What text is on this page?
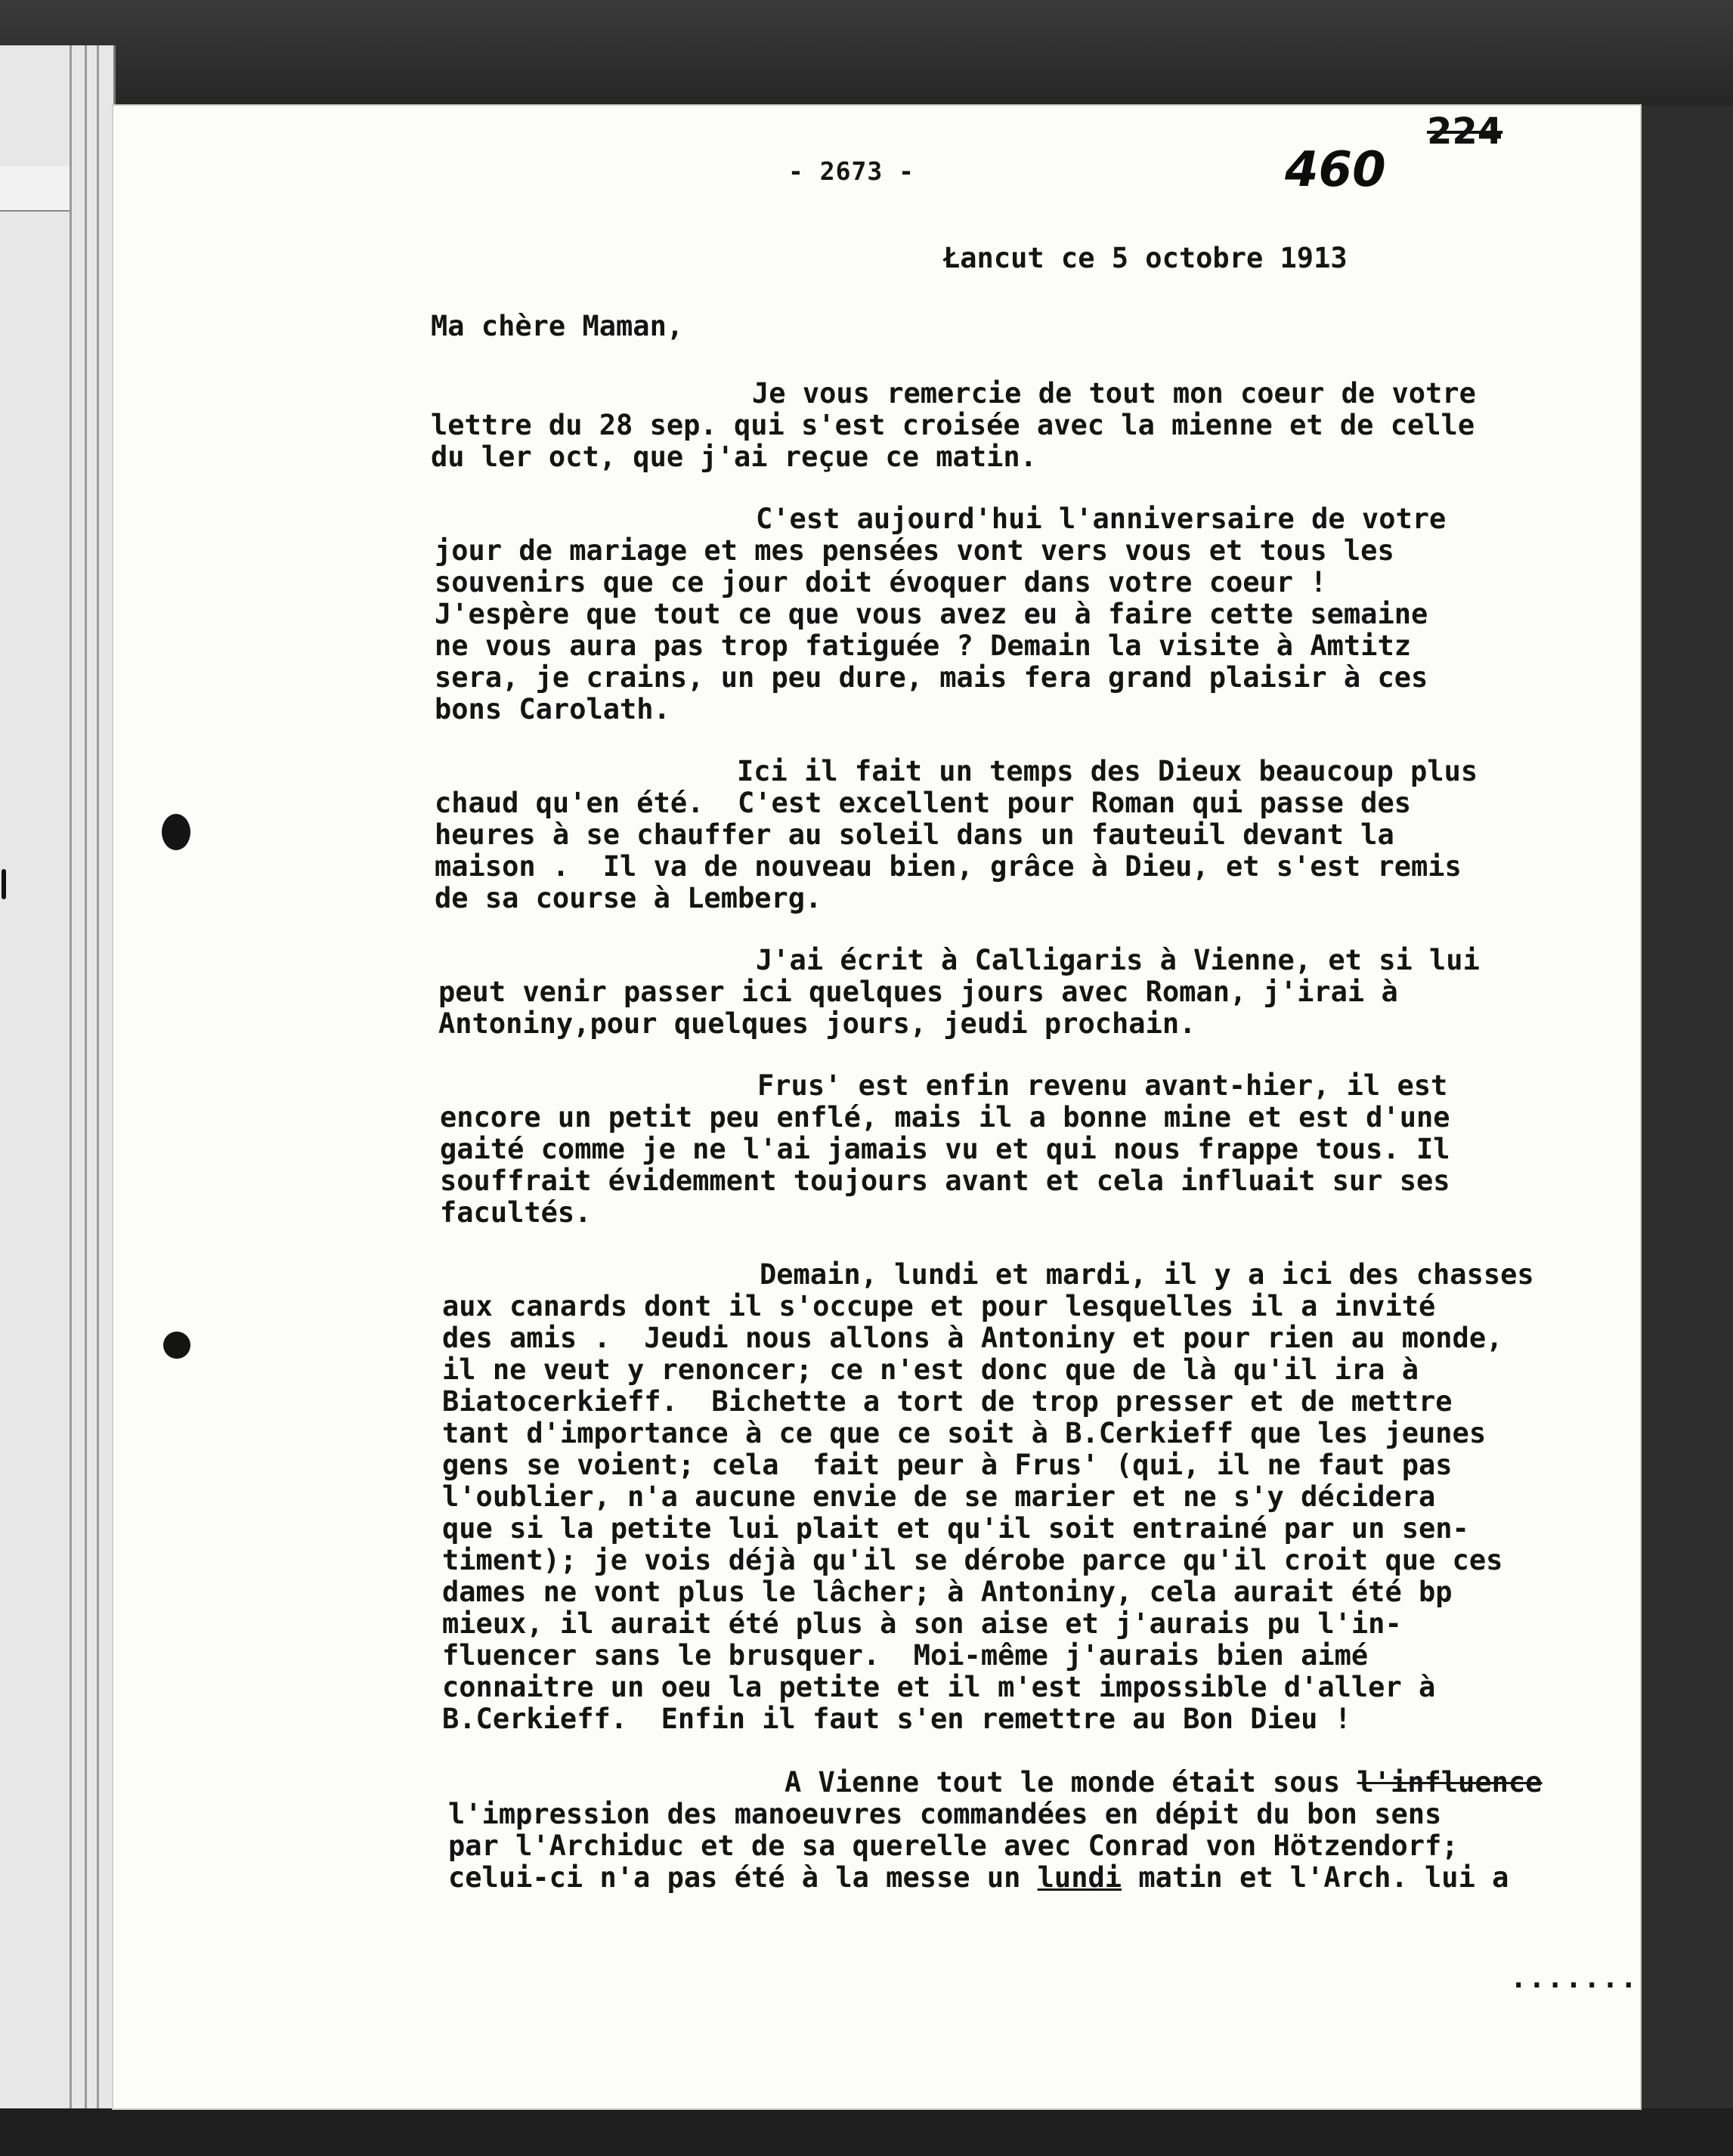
- 2673 -	460
224
Łancut ce 5 octobre 1913
Ma chère Maman,
Je vous remercie de tout mon coeur de votre
lettre du 28 sep. qui s'est croisée avec la mienne et de celle
du ler oct, que j'ai reçue ce matin.
C'est aujourd'hui l'anniversaire de votre
jour de mariage et mes pensées vont vers vous et tous les
souvenirs que ce jour doit évoquer dans votre coeur !
J'espère que tout ce que vous avez eu à faire cette semaine
ne vous aura pas trop fatiguée ? Demain la visite à Amtitz
sera, je crains, un peu dure, mais fera grand plaisir à ces
bons Carolath.
Ici il fait un temps des Dieux beaucoup plus
chaud qu'en été.  C'est excellent pour Roman qui passe des
heures à se chauffer au soleil dans un fauteuil devant la
maison .  Il va de nouveau bien, grâce à Dieu, et s'est remis
de sa course à Lemberg.
J'ai écrit à Calligaris à Vienne, et si lui
peut venir passer ici quelques jours avec Roman, j'irai à
Antoniny,pour quelques jours, jeudi prochain.
Frus' est enfin revenu avant-hier, il est
encore un petit peu enflé, mais il a bonne mine et est d'une
gaité comme je ne l'ai jamais vu et qui nous frappe tous. Il
souffrait évidemment toujours avant et cela influait sur ses
facultés.
Demain, lundi et mardi, il y a ici des chasses
aux canards dont il s'occupe et pour lesquelles il a invité
des amis .  Jeudi nous allons à Antoniny et pour rien au monde,
il ne veut y renoncer; ce n'est donc que de là qu'il ira à
Biatocerkieff.  Bichette a tort de trop presser et de mettre
tant d'importance à ce que ce soit à B.Cerkieff que les jeunes
gens se voient; cela  fait peur à Frus' (qui, il ne faut pas
l'oublier, n'a aucune envie de se marier et ne s'y décidera
que si la petite lui plait et qu'il soit entrainé par un sen-
timent); je vois déjà qu'il se dérobe parce qu'il croit que ces
dames ne vont plus le lâcher; à Antoniny, cela aurait été bp
mieux, il aurait été plus à son aise et j'aurais pu l'in-
fluencer sans le brusquer.  Moi-même j'aurais bien aimé
connaitre un oeu la petite et il m'est impossible d'aller à
B.Cerkieff.  Enfin il faut s'en remettre au Bon Dieu !
A Vienne tout le monde était sous l'influence
l'impression des manoeuvres commandées en dépit du bon sens
par l'Archiduc et de sa querelle avec Conrad von Hötzendorf;
celui-ci n'a pas été à la messe un lundi matin et l'Arch. lui a
.......
